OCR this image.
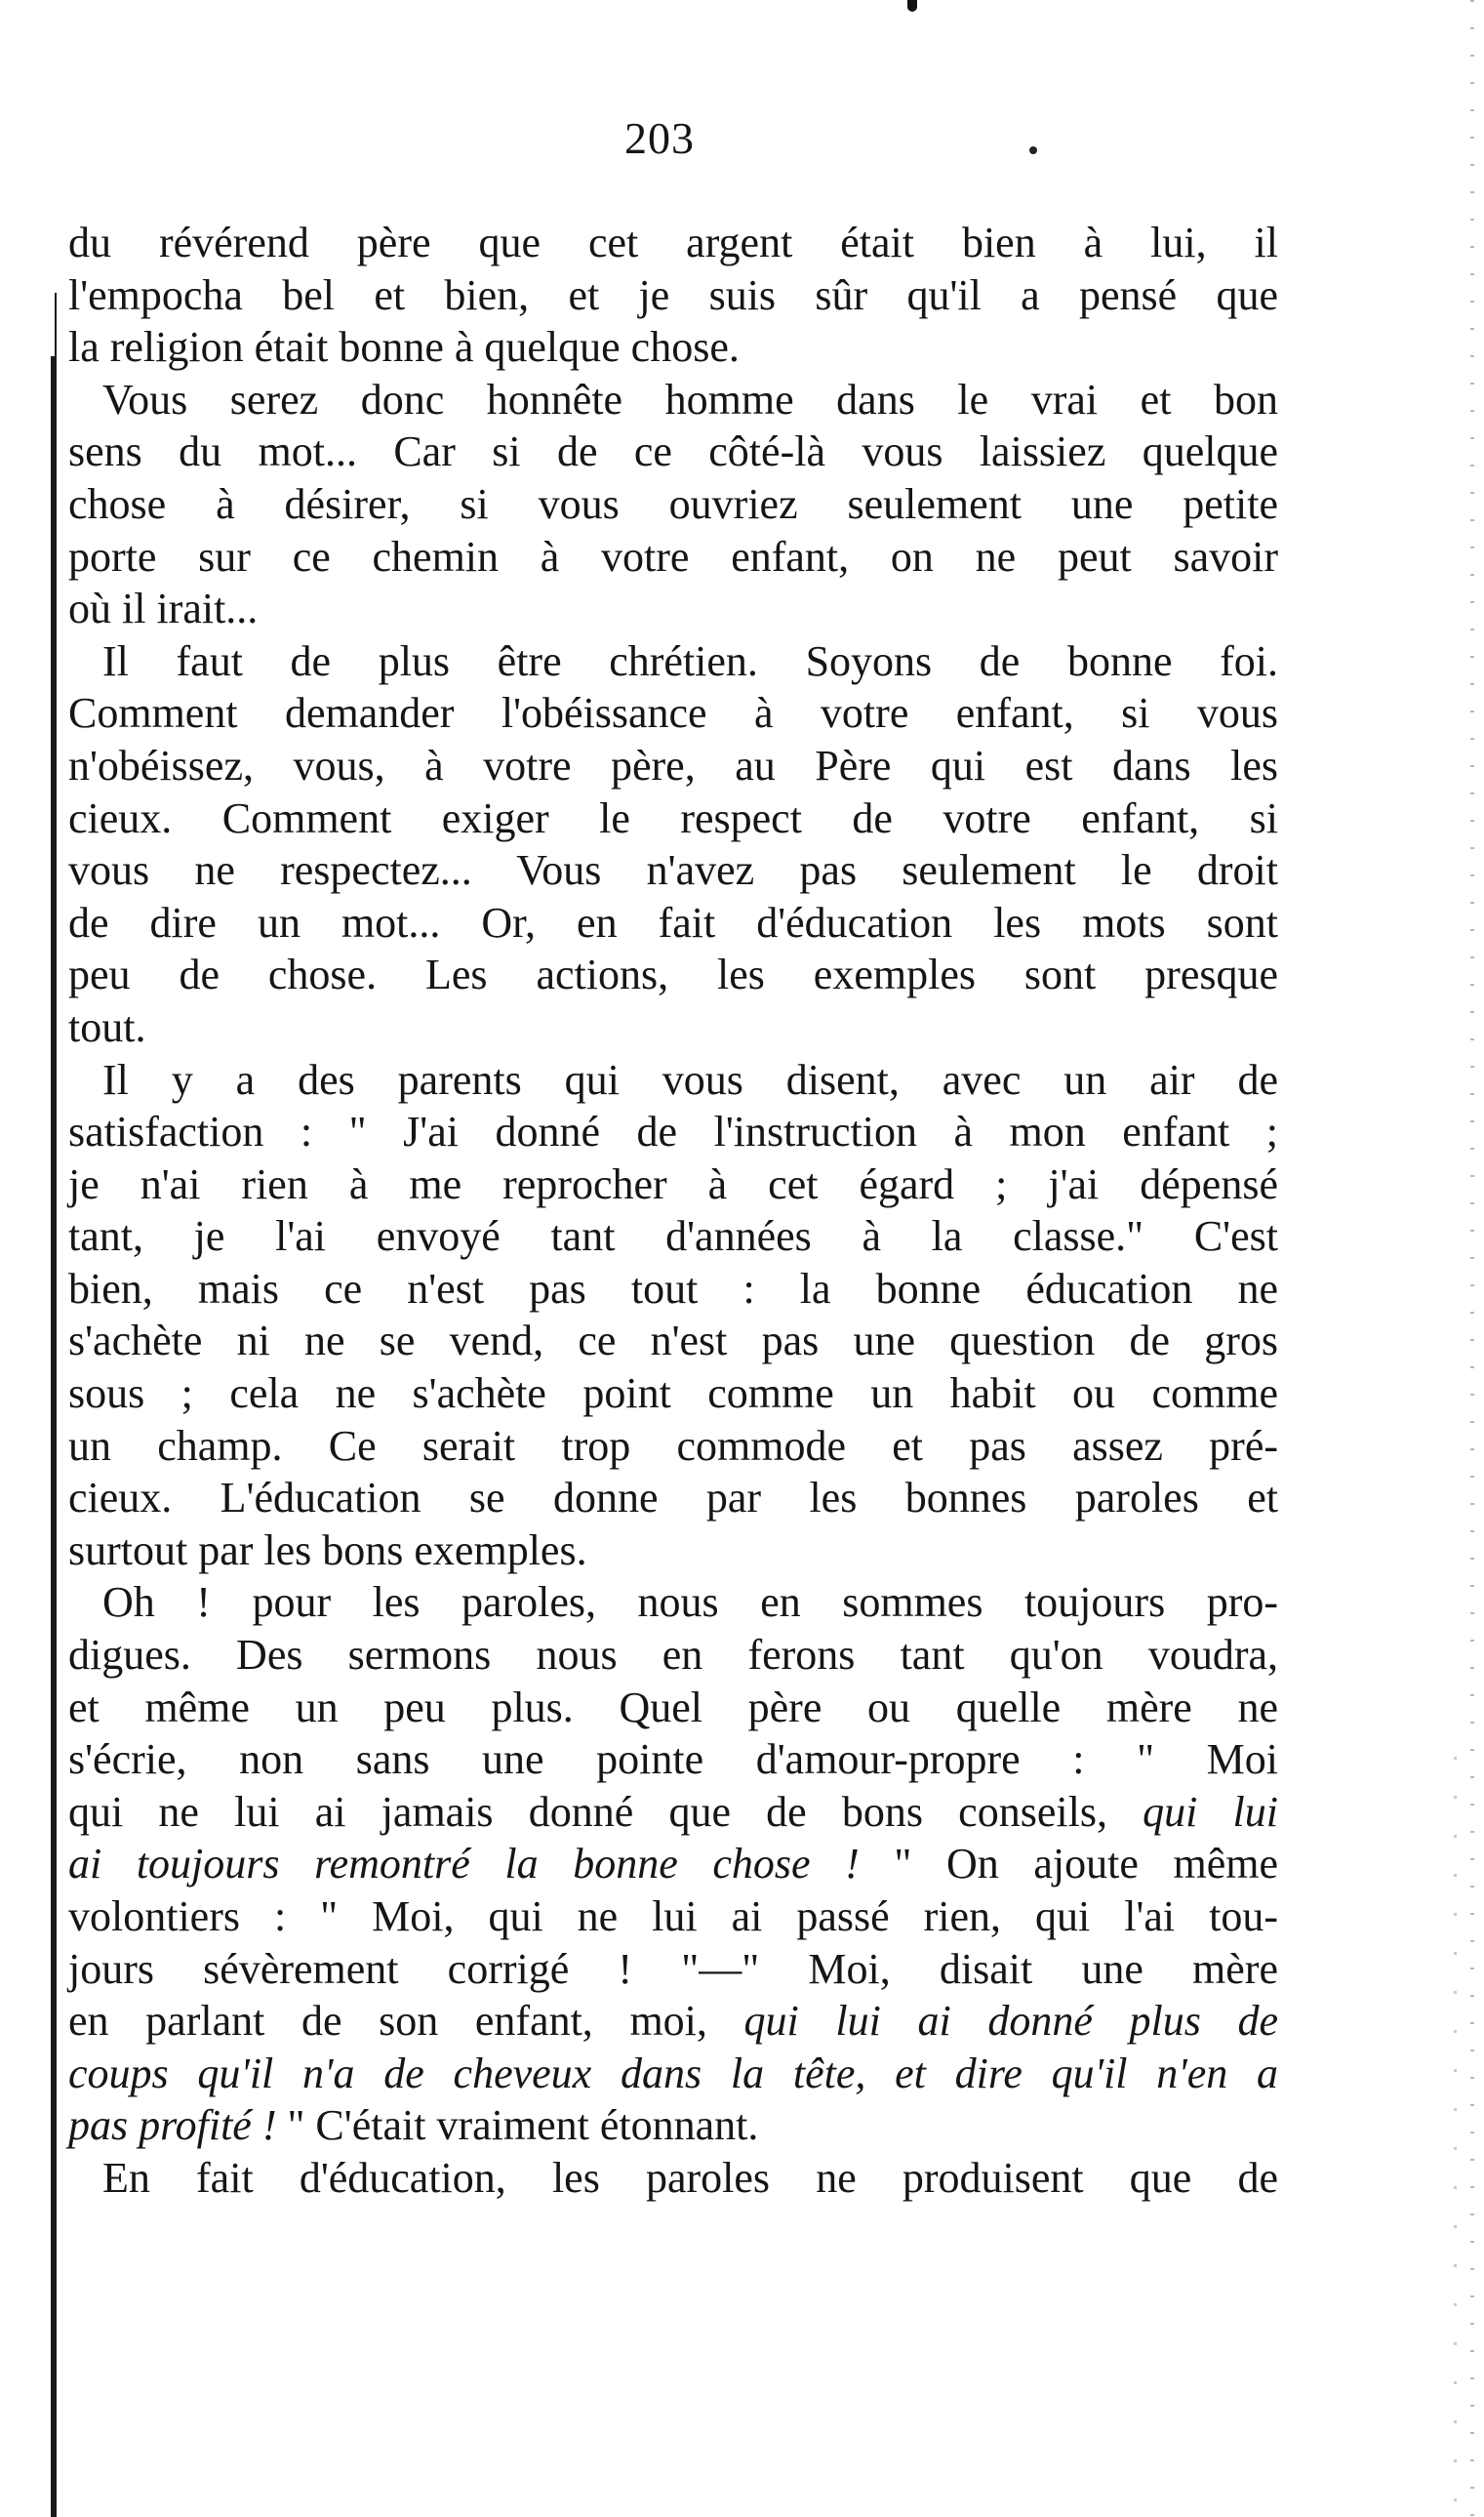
203
du révérend père que cet argent était bien à lui, il
l'empocha bel et bien, et je suis sûr qu'il a pensé que
la religion était bonne à quelque chose.
Vous serez donc honnête homme dans le vrai et bon
sens du mot... Car si de ce côté-là vous laissiez quelque
chose à désirer, si vous ouvriez seulement une petite
porte sur ce chemin à votre enfant, on ne peut savoir
où il irait...
Il faut de plus être chrétien. Soyons de bonne foi.
Comment demander l'obéissance à votre enfant, si vous
n'obéissez, vous, à votre père, au Père qui est dans les
cieux. Comment exiger le respect de votre enfant, si
vous ne respectez... Vous n'avez pas seulement le droit
de dire un mot... Or, en fait d'éducation les mots sont
peu de chose. Les actions, les exemples sont presque
tout.
Il y a des parents qui vous disent, avec un air de
satisfaction : " J'ai donné de l'instruction à mon enfant ;
je n'ai rien à me reprocher à cet égard ; j'ai dépensé
tant, je l'ai envoyé tant d'années à la classe." C'est
bien, mais ce n'est pas tout : la bonne éducation ne
s'achète ni ne se vend, ce n'est pas une question de gros
sous ; cela ne s'achète point comme un habit ou comme
un champ. Ce serait trop commode et pas assez pré-
cieux. L'éducation se donne par les bonnes paroles et
surtout par les bons exemples.
Oh ! pour les paroles, nous en sommes toujours pro-
digues. Des sermons nous en ferons tant qu'on voudra,
et même un peu plus. Quel père ou quelle mère ne
s'écrie, non sans une pointe d'amour-propre : " Moi
qui ne lui ai jamais donné que de bons conseils, qui lui
ai toujours remontré la bonne chose ! " On ajoute même
volontiers : " Moi, qui ne lui ai passé rien, qui l'ai tou-
jours sévèrement corrigé ! "—" Moi, disait une mère
en parlant de son enfant, moi, qui lui ai donné plus de
coups qu'il n'a de cheveux dans la tête, et dire qu'il n'en a
pas profité ! " C'était vraiment étonnant.
En fait d'éducation, les paroles ne produisent que de
